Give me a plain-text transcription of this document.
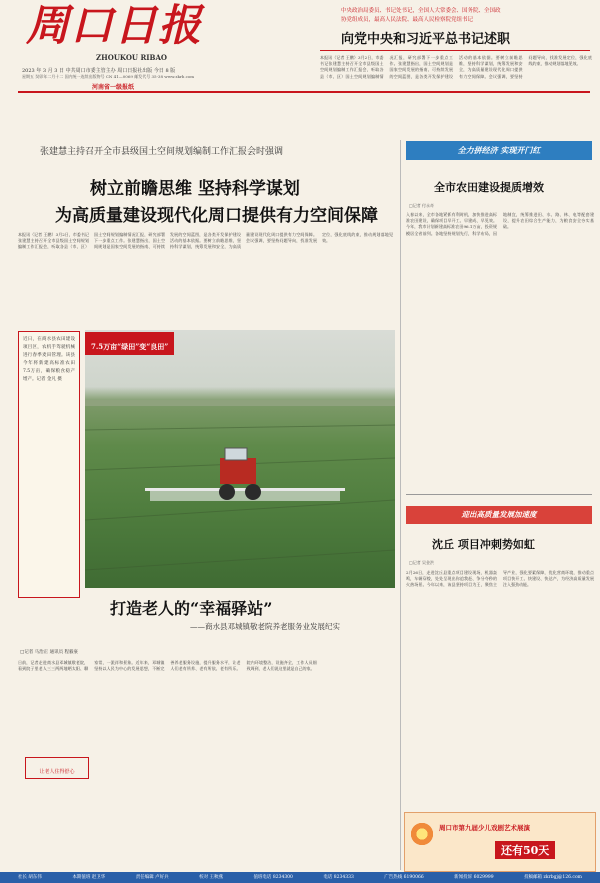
周口日报
ZHOUKOU RIBAO
2023 年 3 月 3 日 中共周口市委主管主办 周口日报社出版 今日 8 版
星期五 癸卯年二月十二 国内统一连续出版物号 CN 41—0069 邮发代号 35-38 www.zkrb.com
河南省一级报纸
中央政治局委员、书记处书记，全国人大常委会、国务院、全国政
协党组成员，最高人民法院、最高人民检察院党组书记
向党中央和习近平总书记述职
本报讯（记者 王鹏）3月2日，市委书记张建慧主持召开全市县级国土空间规划编制工作汇报会，听取各县（市、区）国土空间规划编制情况汇报，研究部署下一步重点工作。张建慧指出，国土空间规划是国家空间发展的指南、可持续发展的空间蓝图，是各类开发保护建设活动的基本依据。要树立前瞻思维，坚持科学谋划，统筹发展和安全，为高质量建设现代化周口提供有力空间保障。会议强调，要坚持问题导向，找准发展定位，强化底线约束，推动规划落地见效。
张建慧主持召开全市县级国土空间规划编制工作汇报会时强调
树立前瞻思维 坚持科学谋划
为高质量建设现代化周口提供有力空间保障
本报讯（记者 王鹏）3月2日，市委书记张建慧主持召开全市县级国土空间规划编制工作汇报会，听取各县（市、区）国土空间规划编制情况汇报，研究部署下一步重点工作。张建慧指出，国土空间规划是国家空间发展的指南、可持续发展的空间蓝图，是各类开发保护建设活动的基本依据。要树立前瞻思维，坚持科学谋划，统筹发展和安全，为高质量建设现代化周口提供有力空间保障。会议强调，要坚持问题导向，找准发展定位，强化底线约束，推动规划落地见效。
近日，在商水县农田建设项目区，农机手驾驶机械进行春季麦田管理。该县今年将新建高标准农田7.5万亩，确保粮食稳产增产。记者 金凡 摄
7.5万亩“绿田”变“良田”
打造老人的“幸福驿站”
——商水县邓城镇敬老院养老服务业发展纪实
□记者 马治正 通讯员 程毅豪
日前，记者走进商水县邓城镇敬老院，看到院子里老人三三两两地晒太阳、聊家常，一派祥和景象。近年来，邓城镇坚持以人民为中心的发展思想，不断完善养老服务设施，提升服务水平，让老人们老有所养、老有所依、老有所乐。院内环境整洁，设施齐全，工作人员细致周到，老人们说这里就是自己的家。
让老人住得舒心
全力拼经济 实现开门红
全市农田建设提质增效
□记者 付永奇
入春以来，全市各地紧抓有利时机，加快推进高标准农田建设，确保项目早开工、早建成、早见效。今年，我市计划新建高标准农田96.1万亩，投资规模居全省前列。各地坚持规划先行，科学布局，因地制宜，统筹推进田、水、路、林、电等配套建设，提升农田综合生产能力，为粮食安全夯实基础。
迎出高质量发展加速度
沈丘 项目冲刺势如虹
□记者 吴金洪
2月26日，走进沈丘县重点项目建设现场，机器轰鸣，车辆穿梭，处处呈现出你追我赶、争分夺秒的火热场景。今年以来，该县坚持项目为王，聚焦主导产业，强化要素保障，优化营商环境，推动重点项目快开工、快建设、快达产，为经济高质量发展注入强劲动能。
周口市第九届少儿戏剧艺术展演
还有50天
社长 胡东伟	本期值班 赵卫华	责任编辑 卢好兵	校对 王秋燕	值班电话 8234300	电话 8234333	广告热线 6190066	新闻投诉 6029999	投稿邮箱 zkrbgj@126.com
